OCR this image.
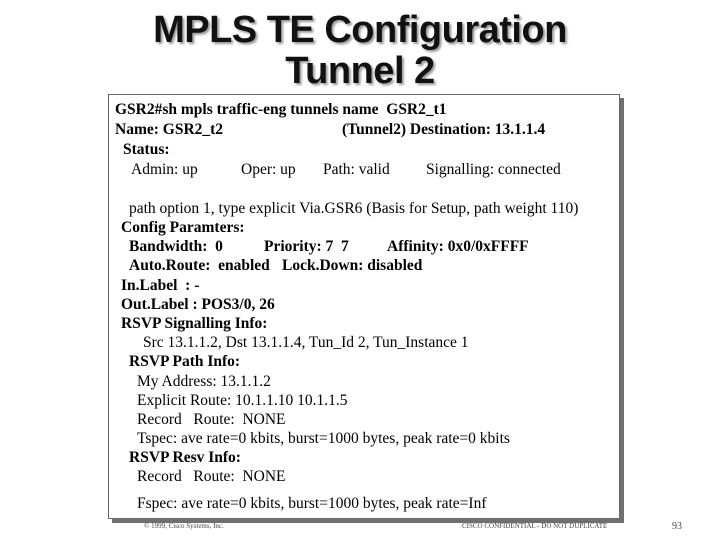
MPLS TE Configuration
Tunnel 2
GSR2#sh mpls traffic-eng tunnels name  GSR2_t1
Name: GSR2_t2	(Tunnel2) Destination: 13.1.1.4
Status:
Admin: up	Oper: up Path: valid Signalling: connected
path option 1, type explicit Via.GSR6 (Basis for Setup, path weight 110)
Config Paramters:
Bandwidth:  0	Priority: 7  7 Affinity: 0x0/0xFFFF
Auto.Route:  enabled Lock.Down: disabled
In.Label  : -
Out.Label : POS3/0, 26
RSVP Signalling Info:
Src 13.1.1.2, Dst 13.1.1.4, Tun_Id 2, Tun_Instance 1
RSVP Path Info:
My Address: 13.1.1.2
Explicit Route: 10.1.1.10 10.1.1.5
Record   Route:  NONE
Tspec: ave rate=0 kbits, burst=1000 bytes, peak rate=0 kbits
RSVP Resv Info:
Record   Route:  NONE
Fspec: ave rate=0 kbits, burst=1000 bytes, peak rate=Inf
© 1999, Cisco Systems, Inc.	CISCO CONFIDENTIAL - DO NOT DUPLICATE	93
